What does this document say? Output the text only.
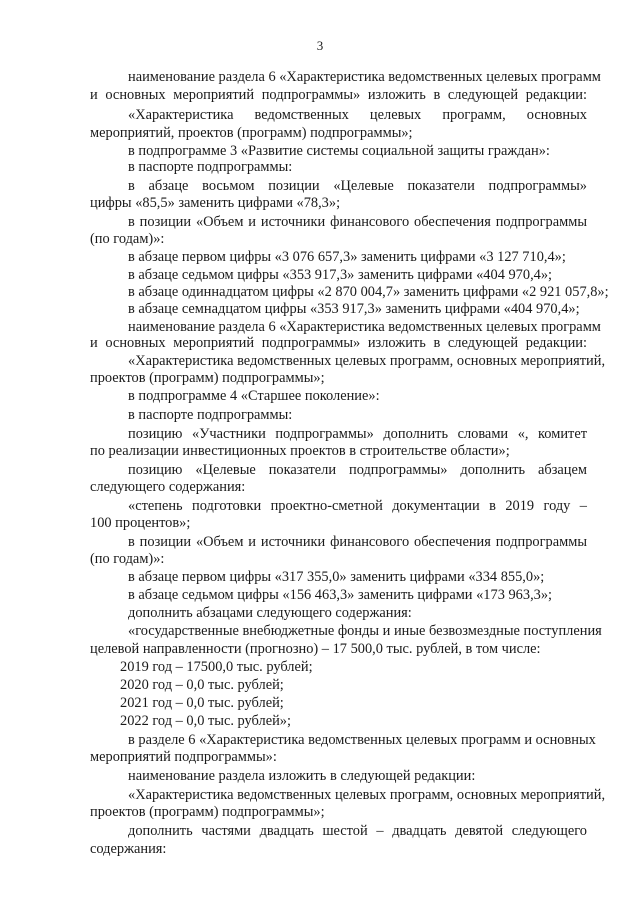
3
наименование раздела 6 «Характеристика ведомственных целевых программ
и основных мероприятий подпрограммы» изложить в следующей редакции:
«Характеристика ведомственных целевых программ, основных
мероприятий, проектов (программ) подпрограммы»;
в подпрограмме 3 «Развитие системы социальной защиты граждан»:
в паспорте подпрограммы:
в абзаце восьмом позиции «Целевые показатели подпрограммы»
цифры «85,5» заменить цифрами «78,3»;
в позиции «Объем и источники финансового обеспечения подпрограммы
(по годам)»:
в абзаце первом цифры «3 076 657,3» заменить цифрами «3 127 710,4»;
в абзаце седьмом цифры «353 917,3» заменить цифрами «404 970,4»;
в абзаце одиннадцатом цифры «2 870 004,7» заменить цифрами «2 921 057,8»;
в абзаце семнадцатом цифры «353 917,3» заменить цифрами «404 970,4»;
наименование раздела 6 «Характеристика ведомственных целевых программ
и основных мероприятий подпрограммы» изложить в следующей редакции:
«Характеристика ведомственных целевых программ, основных мероприятий,
проектов (программ) подпрограммы»;
в подпрограмме 4 «Старшее поколение»:
в паспорте подпрограммы:
позицию «Участники подпрограммы» дополнить словами «, комитет
по реализации инвестиционных проектов в строительстве области»;
позицию «Целевые показатели подпрограммы» дополнить абзацем
следующего содержания:
«степень подготовки проектно-сметной документации в 2019 году –
100 процентов»;
в позиции «Объем и источники финансового обеспечения подпрограммы
(по годам)»:
в абзаце первом цифры «317 355,0» заменить цифрами «334 855,0»;
в абзаце седьмом цифры «156 463,3» заменить цифрами «173 963,3»;
дополнить абзацами следующего содержания:
«государственные внебюджетные фонды и иные безвозмездные поступления
целевой направленности (прогнозно) – 17 500,0 тыс. рублей, в том числе:
2019 год – 17500,0 тыс. рублей;
2020 год – 0,0 тыс. рублей;
2021 год – 0,0 тыс. рублей;
2022 год – 0,0 тыс. рублей»;
в разделе 6 «Характеристика ведомственных целевых программ и основных
мероприятий подпрограммы»:
наименование раздела изложить в следующей редакции:
«Характеристика ведомственных целевых программ, основных мероприятий,
проектов (программ) подпрограммы»;
дополнить частями двадцать шестой – двадцать девятой следующего
содержания:
